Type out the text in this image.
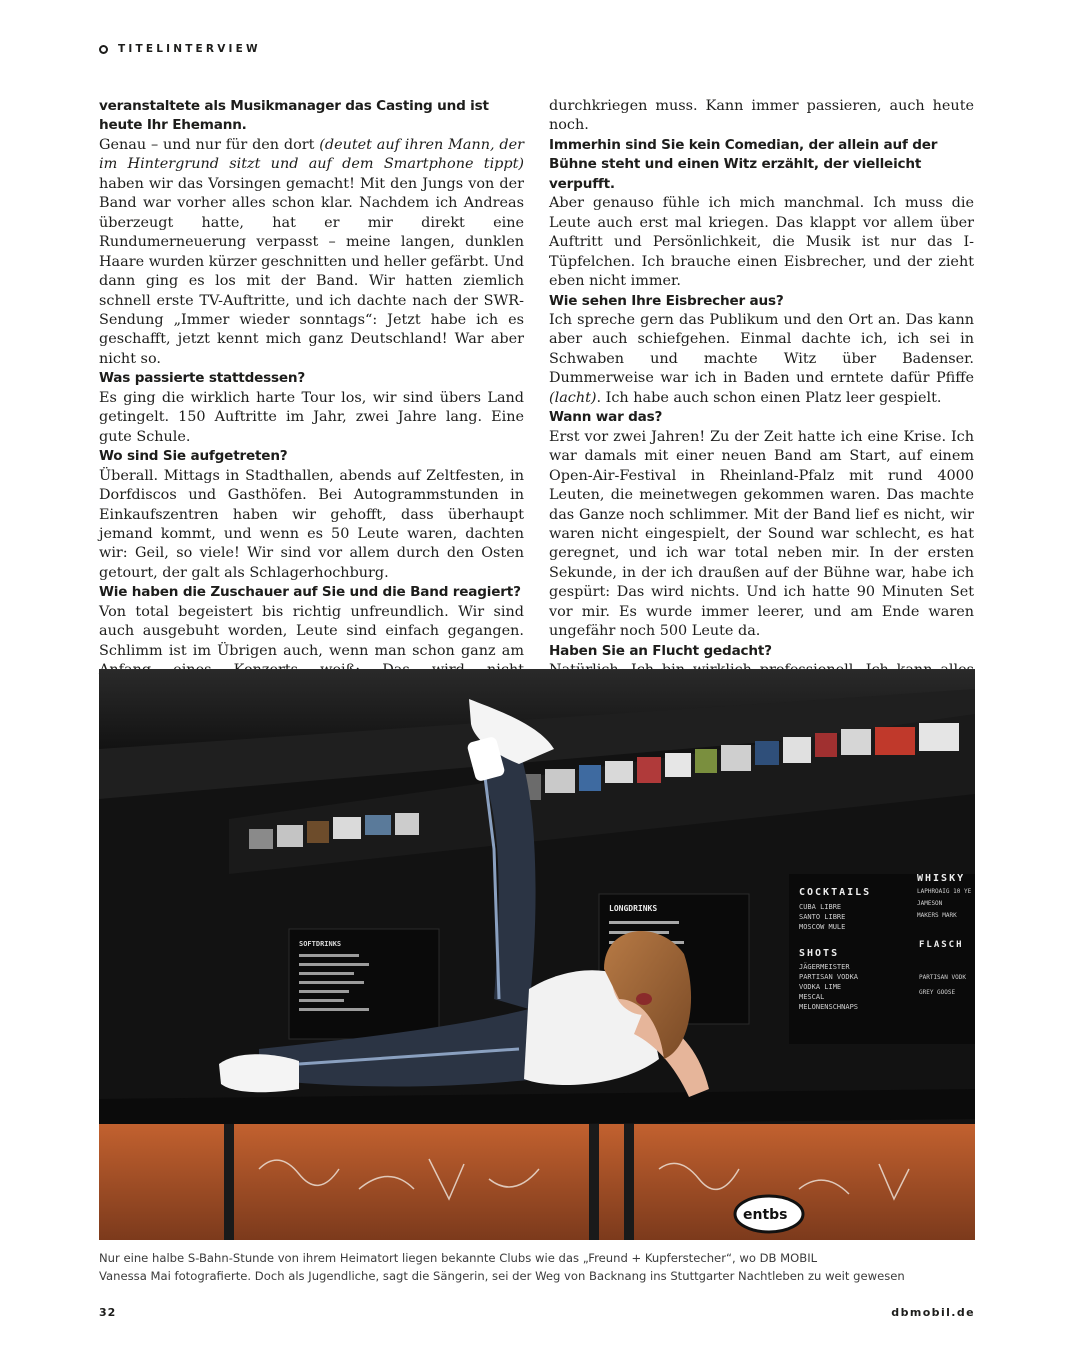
TITELINTERVIEW

veranstaltete als Musikmanager das Casting und ist heute Ihr Ehemann.

Genau – und nur für den dort (deutet auf ihren Mann, der im Hintergrund sitzt und auf dem Smartphone tippt) haben wir das Vorsingen gemacht! Mit den Jungs von der Band war vorher alles schon klar. Nachdem ich Andreas überzeugt hatte, hat er mir direkt eine Rundumerneuerung verpasst – meine langen, dunklen Haare wurden kürzer geschnitten und heller gefärbt. Und dann ging es los mit der Band. Wir hatten ziemlich schnell erste TV-Auftritte, und ich dachte nach der SWR-Sendung „Immer wieder sonntags“: Jetzt habe ich es geschafft, jetzt kennt mich ganz Deutschland! War aber nicht so.

Was passierte stattdessen?

Es ging die wirklich harte Tour los, wir sind übers Land getingelt. 150 Auftritte im Jahr, zwei Jahre lang. Eine gute Schule.

Wo sind Sie aufgetreten?

Überall. Mittags in Stadthallen, abends auf Zeltfesten, in Dorfdiscos und Gasthöfen. Bei Autogrammstunden in Einkaufszentren haben wir gehofft, dass überhaupt jemand kommt, und wenn es 50 Leute waren, dachten wir: Geil, so viele! Wir sind vor allem durch den Osten getourt, der galt als Schlagerhochburg.

Wie haben die Zuschauer auf Sie und die Band reagiert?

Von total begeistert bis richtig unfreundlich. Wir sind auch ausgebuht worden, Leute sind einfach gegangen. Schlimm ist im Übrigen auch, wenn man schon ganz am

durchkriegen muss. Kann immer passieren, auch heute noch.

Immerhin sind Sie kein Comedian, der allein auf der Bühne steht und einen Witz erzählt, der vielleicht verpufft.

Aber genauso fühle ich mich manchmal. Ich muss die Leute auch erst mal kriegen. Das klappt vor allem über Auftritt und Persönlichkeit, die Musik ist nur das I-Tüpfelchen. Ich brauche einen Eisbrecher, und der zieht eben nicht immer.

Wie sehen Ihre Eisbrecher aus?

Ich spreche gern das Publikum und den Ort an. Das kann aber auch schiefgehen. Einmal dachte ich, ich sei in Schwaben und machte Witz über Badenser. Dummerweise war ich in Baden und erntete dafür Pfiffe (lacht). Ich habe auch schon einen Platz leer gespielt.

Wann war das?

Erst vor zwei Jahren! Zu der Zeit hatte ich eine Krise. Ich war damals mit einer neuen Band am Start, auf einem Open-Air-Festival in Rheinland-Pfalz mit rund 4000 Leuten, die meinetwegen gekommen waren. Das machte das Ganze noch schlimmer. Mit der Band lief es nicht, wir waren nicht eingespielt, der Sound war schlecht, es hat geregnet, und ich war total neben mir. In der ersten Sekunde, in der ich draußen auf der Bühne war, habe ich gespürt: Das wird nichts. Und ich hatte 90 Minuten Set vor mir. Es wurde immer leerer, und am Ende waren ungefähr noch 500 Leute da.

Haben Sie an Flucht gedacht?

SOFTDRINKS
LONGDRINKS
COCKTAILS
CUBA LIBRE
SANTO LIBRE
MOSCOW MULE
SHOTS
JÄGERMEISTER
PARTISAN VODKA
VODKA LIME
MESCAL
MELONENSCHNAPS
WHISKY
LAPHROAIG 10 YE
JAMESON
MAKERS MARK
FLASCH
PARTISAN VODK
GREY GOOSE
entbs
Nur eine halbe S-Bahn-Stunde von ihrem Heimatort liegen bekannte Clubs wie das „Freund + Kupferstecher“, wo DB MOBIL
Vanessa Mai fotografierte. Doch als Jugendliche, sagt die Sängerin, sei der Weg von Backnang ins Stuttgarter Nachtleben zu weit gewesen
32	dbmobil.de
